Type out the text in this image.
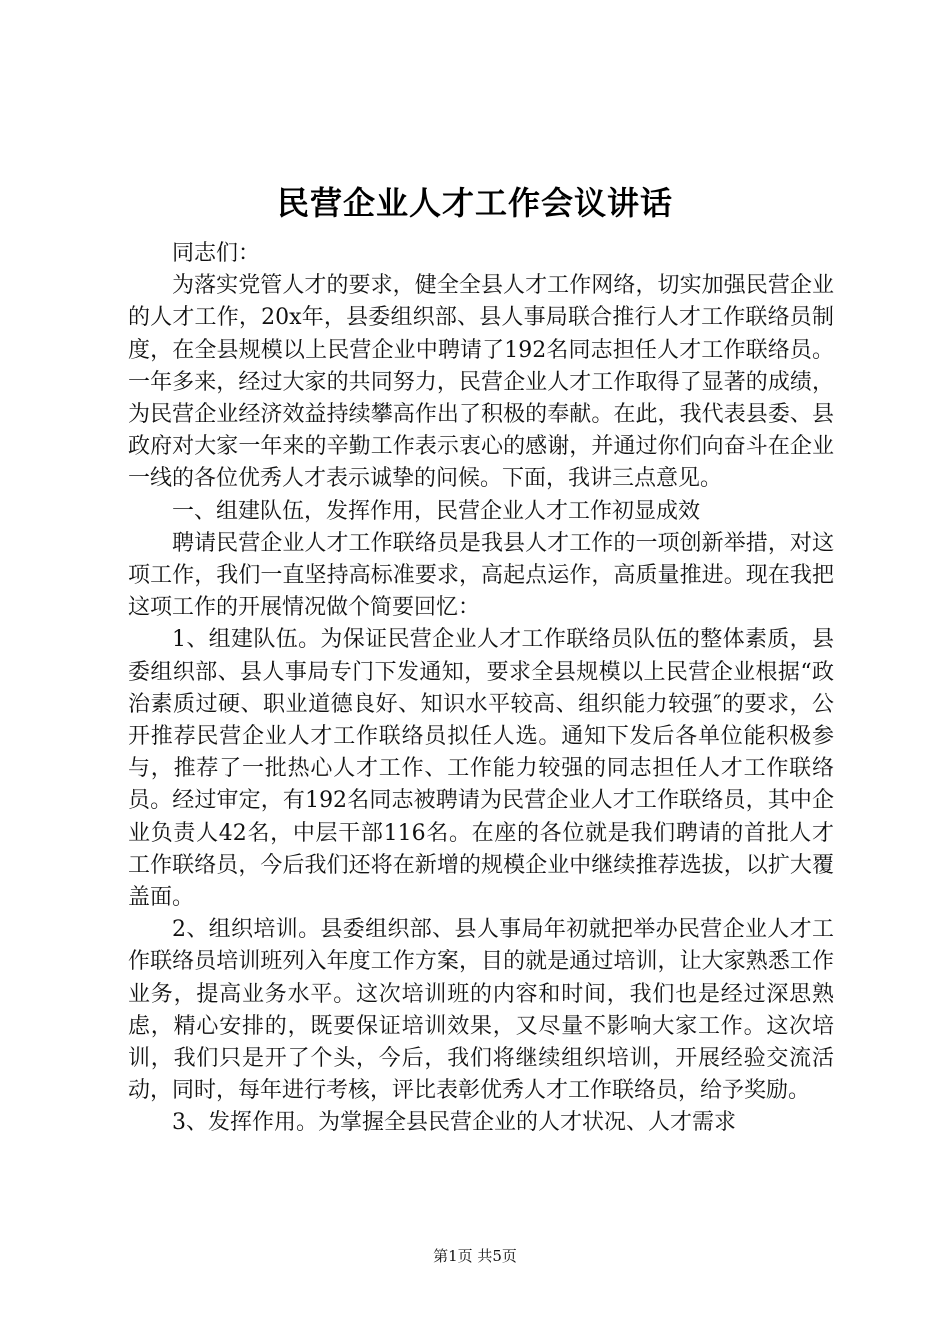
民营企业人才工作会议讲话

同志们：

为落实党管人才的要求，健全全县人才工作网络，切实加强民营企业的人才工作，20x年，县委组织部、县人事局联合推行人才工作联络员制度，在全县规模以上民营企业中聘请了192名同志担任人才工作联络员。一年多来，经过大家的共同努力，民营企业人才工作取得了显著的成绩，为民营企业经济效益持续攀高作出了积极的奉献。在此，我代表县委、县政府对大家一年来的辛勤工作表示衷心的感谢，并通过你们向奋斗在企业一线的各位优秀人才表示诚挚的问候。下面，我讲三点意见。

一、组建队伍，发挥作用，民营企业人才工作初显成效

聘请民营企业人才工作联络员是我县人才工作的一项创新举措，对这项工作，我们一直坚持高标准要求，高起点运作，高质量推进。现在我把这项工作的开展情况做个简要回忆：

1、组建队伍。为保证民营企业人才工作联络员队伍的整体素质，县委组织部、县人事局专门下发通知，要求全县规模以上民营企业根据“政治素质过硬、职业道德良好、知识水平较高、组织能力较强″的要求，公开推荐民营企业人才工作联络员拟任人选。通知下发后各单位能积极参与，推荐了一批热心人才工作、工作能力较强的同志担任人才工作联络员。经过审定，有192名同志被聘请为民营企业人才工作联络员，其中企业负责人42名，中层干部116名。在座的各位就是我们聘请的首批人才工作联络员，今后我们还将在新增的规模企业中继续推荐选拔，以扩大覆盖面。

2、组织培训。县委组织部、县人事局年初就把举办民营企业人才工作联络员培训班列入年度工作方案，目的就是通过培训，让大家熟悉工作业务，提高业务水平。这次培训班的内容和时间，我们也是经过深思熟虑，精心安排的，既要保证培训效果，又尽量不影响大家工作。这次培训，我们只是开了个头，今后，我们将继续组织培训，开展经验交流活动，同时，每年进行考核，评比表彰优秀人才工作联络员，给予奖励。

3、发挥作用。为掌握全县民营企业的人才状况、人才需求

第1页 共5页
